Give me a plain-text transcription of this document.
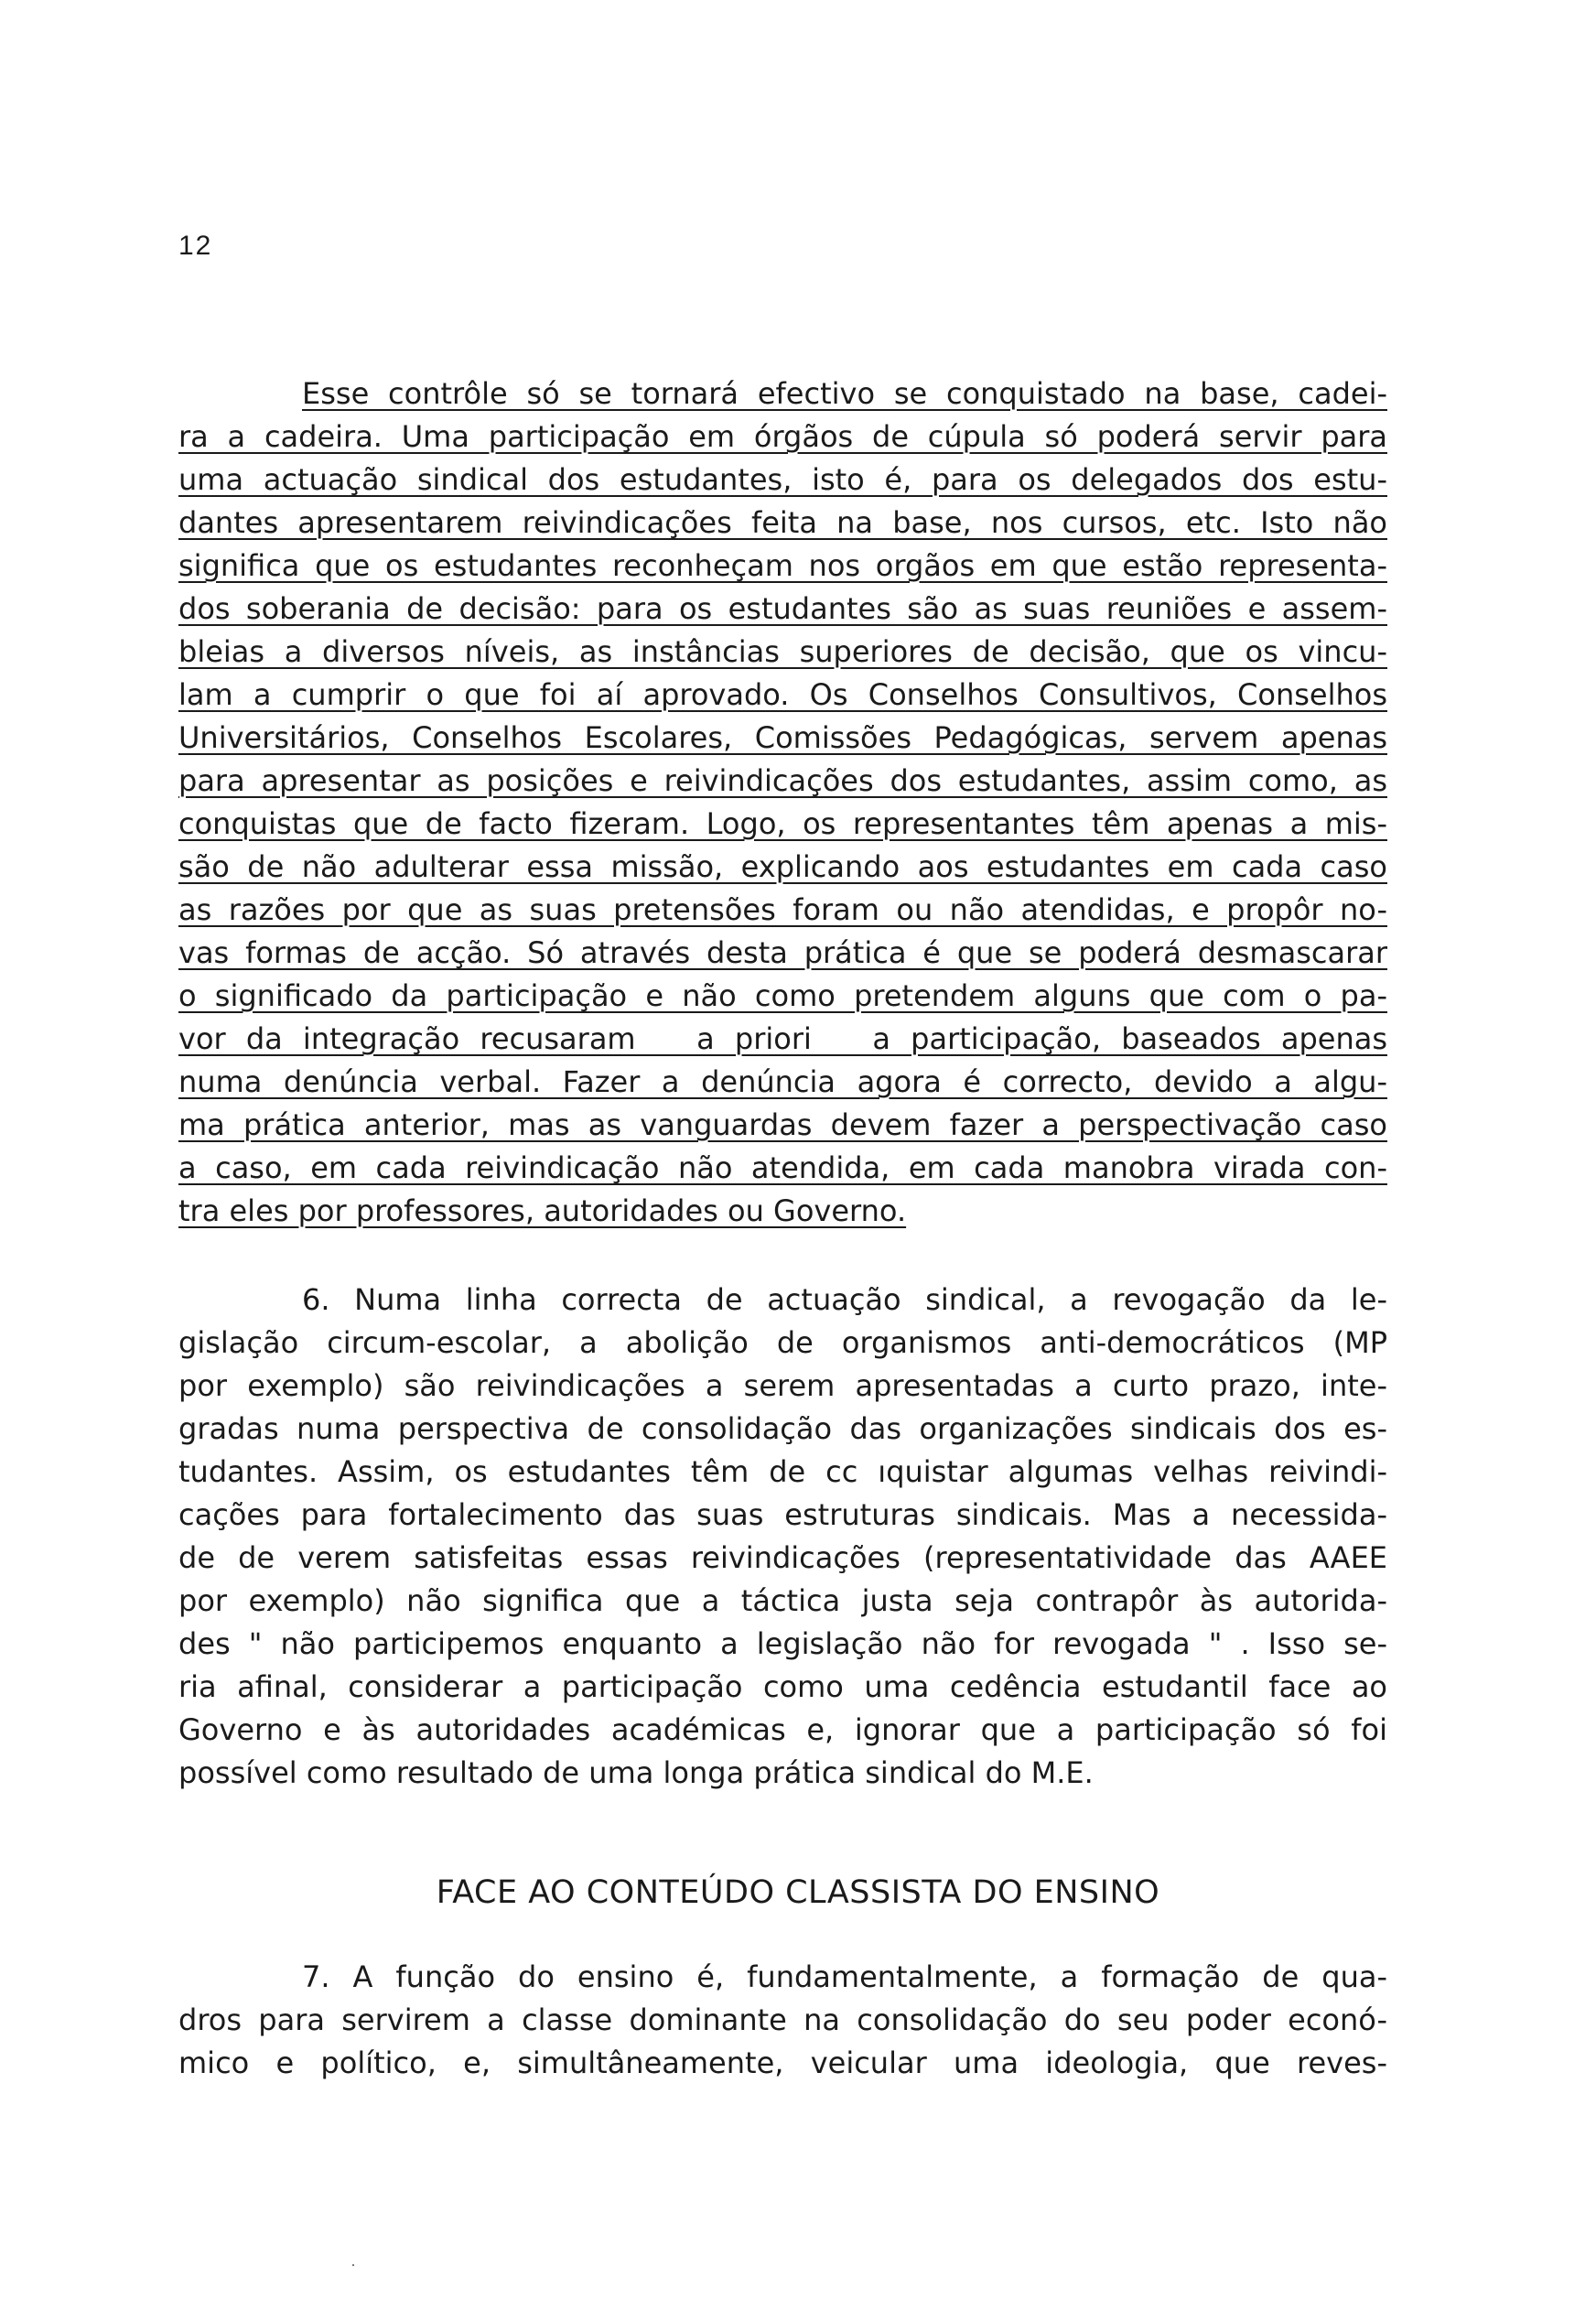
12
Esse contrôle só se tornará efectivo se conquistado na base, cadei-
ra a cadeira. Uma participação em órgãos de cúpula só poderá servir para
uma actuação sindical dos estudantes, isto é, para os delegados dos estu-
dantes apresentarem reivindicações feita na base, nos cursos, etc. Isto não
significa que os estudantes reconheçam nos orgãos em que estão representa-
dos soberania de decisão: para os estudantes são as suas reuniões e assem-
bleias a diversos níveis, as instâncias superiores de decisão, que os vincu-
lam a cumprir o que foi aí aprovado. Os Conselhos Consultivos, Conselhos
Universitários, Conselhos Escolares, Comissões Pedagógicas, servem apenas
para apresentar as posições e reivindicações dos estudantes, assim como, as
conquistas que de facto fizeram. Logo, os representantes têm apenas a mis-
são de não adulterar essa missão, explicando aos estudantes em cada caso
as razões por que as suas pretensões foram ou não atendidas, e propôr no-
vas formas de acção. Só através desta prática é que se poderá desmascarar
o significado da participação e não como pretendem alguns que com o pa-
vor da integração recusaram   a priori   a participação, baseados apenas
numa denúncia verbal. Fazer a denúncia agora é correcto, devido a algu-
ma prática anterior, mas as vanguardas devem fazer a perspectivação caso
a caso, em cada reivindicação não atendida, em cada manobra virada con-
tra eles por professores, autoridades ou Governo.
6. Numa linha correcta de actuação sindical, a revogação da le-
gislação circum-escolar, a abolição de organismos anti-democráticos (MP
por exemplo) são reivindicações a serem apresentadas a curto prazo, inte-
gradas numa perspectiva de consolidação das organizações sindicais dos es-
tudantes. Assim, os estudantes têm de cc ıquistar algumas velhas reivindi-
cações para fortalecimento das suas estruturas sindicais. Mas a necessida-
de de verem satisfeitas essas reivindicações (representatividade das AAEE
por exemplo) não significa que a táctica justa seja contrapôr às autorida-
des " não participemos enquanto a legislação não for revogada " . Isso se-
ria afinal, considerar a participação como uma cedência estudantil face ao
Governo e às autoridades académicas e, ignorar que a participação só foi
possível como resultado de uma longa prática sindical do M.E.
FACE AO CONTEÚDO CLASSISTA DO ENSINO
7. A função do ensino é, fundamentalmente, a formação de qua-
dros para servirem a classe dominante na consolidação do seu poder econó-
mico e político, e, simultâneamente, veicular uma ideologia, que reves-
